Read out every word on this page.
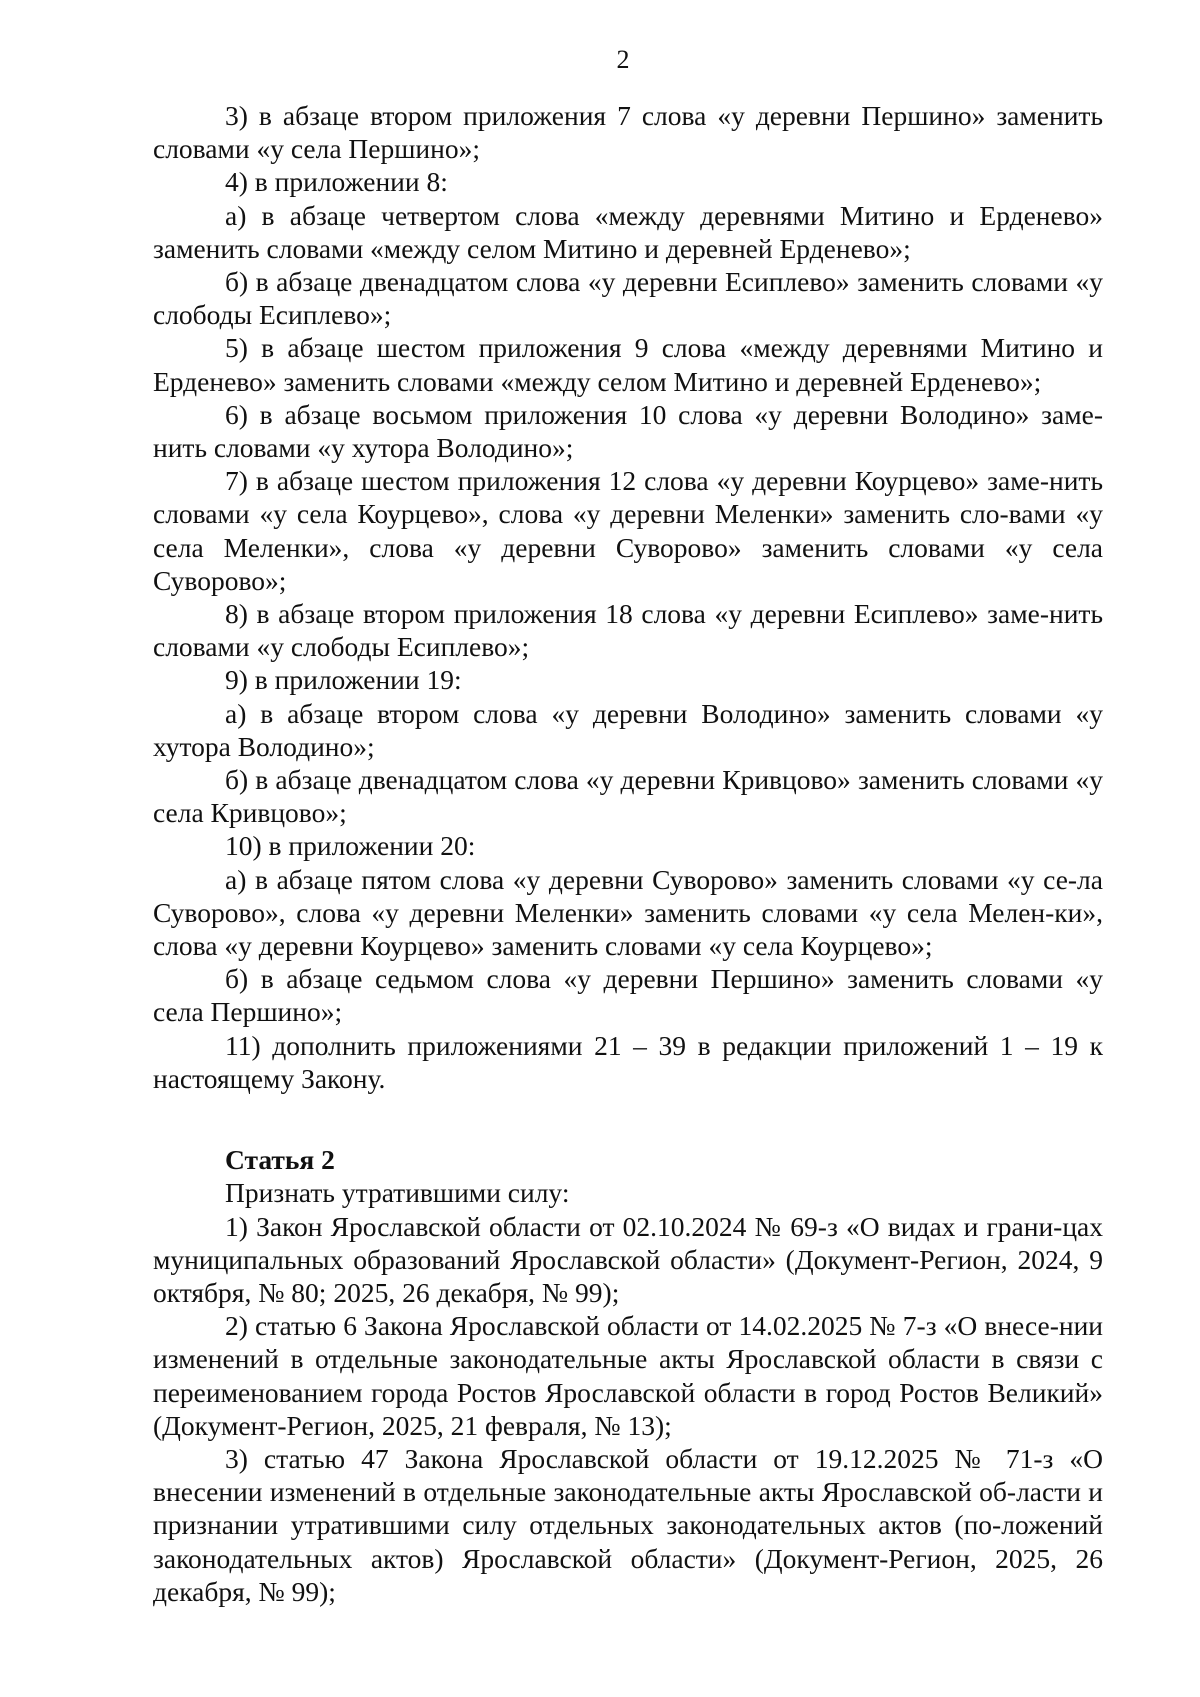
2

3) в абзаце втором приложения 7 слова «у деревни Першино» заменить словами «у села Першино»;

4) в приложении 8:

а) в абзаце четвертом слова «между деревнями Митино и Ерденево» заменить словами «между селом Митино и деревней Ерденево»;

б) в абзаце двенадцатом слова «у деревни Есиплево» заменить словами «у слободы Есиплево»;

5) в абзаце шестом приложения 9 слова «между деревнями Митино и Ерденево» заменить словами «между селом Митино и деревней Ерденево»;

6) в абзаце восьмом приложения 10 слова «у деревни Володино» заме-нить словами «у хутора Володино»;

7) в абзаце шестом приложения 12 слова «у деревни Коурцево» заме-нить словами «у села Коурцево», слова «у деревни Меленки» заменить сло-вами «у села Меленки», слова «у деревни Суворово» заменить словами «у села Суворово»;

8) в абзаце втором приложения 18 слова «у деревни Есиплево» заме-нить словами «у слободы Есиплево»;

9) в приложении 19:

а) в абзаце втором слова «у деревни Володино» заменить словами «у хутора Володино»;

б) в абзаце двенадцатом слова «у деревни Кривцово» заменить словами «у села Кривцово»;

10) в приложении 20:

а) в абзаце пятом слова «у деревни Суворово» заменить словами «у се-ла Суворово», слова «у деревни Меленки» заменить словами «у села Мелен-ки», слова «у деревни Коурцево» заменить словами «у села Коурцево»;

б) в абзаце седьмом слова «у деревни Першино» заменить словами «у села Першино»;

11) дополнить приложениями 21 – 39 в редакции приложений 1 – 19 к настоящему Закону.

Статья 2

Признать утратившими силу:

1) Закон Ярославской области от 02.10.2024 № 69-з «О видах и грани-цах муниципальных образований Ярославской области» (Документ-Регион, 2024, 9 октября, № 80; 2025, 26 декабря, № 99);

2) статью 6 Закона Ярославской области от 14.02.2025 № 7-з «О внесе-нии изменений в отдельные законодательные акты Ярославской области в связи с переименованием города Ростов Ярославской области в город Ростов Великий» (Документ-Регион, 2025, 21 февраля, № 13);

3) статью 47 Закона Ярославской области от 19.12.2025 № 71-з «О внесении изменений в отдельные законодательные акты Ярославской об-ласти и признании утратившими силу отдельных законодательных актов (по-ложений законодательных актов) Ярославской области» (Документ-Регион, 2025, 26 декабря, № 99);
